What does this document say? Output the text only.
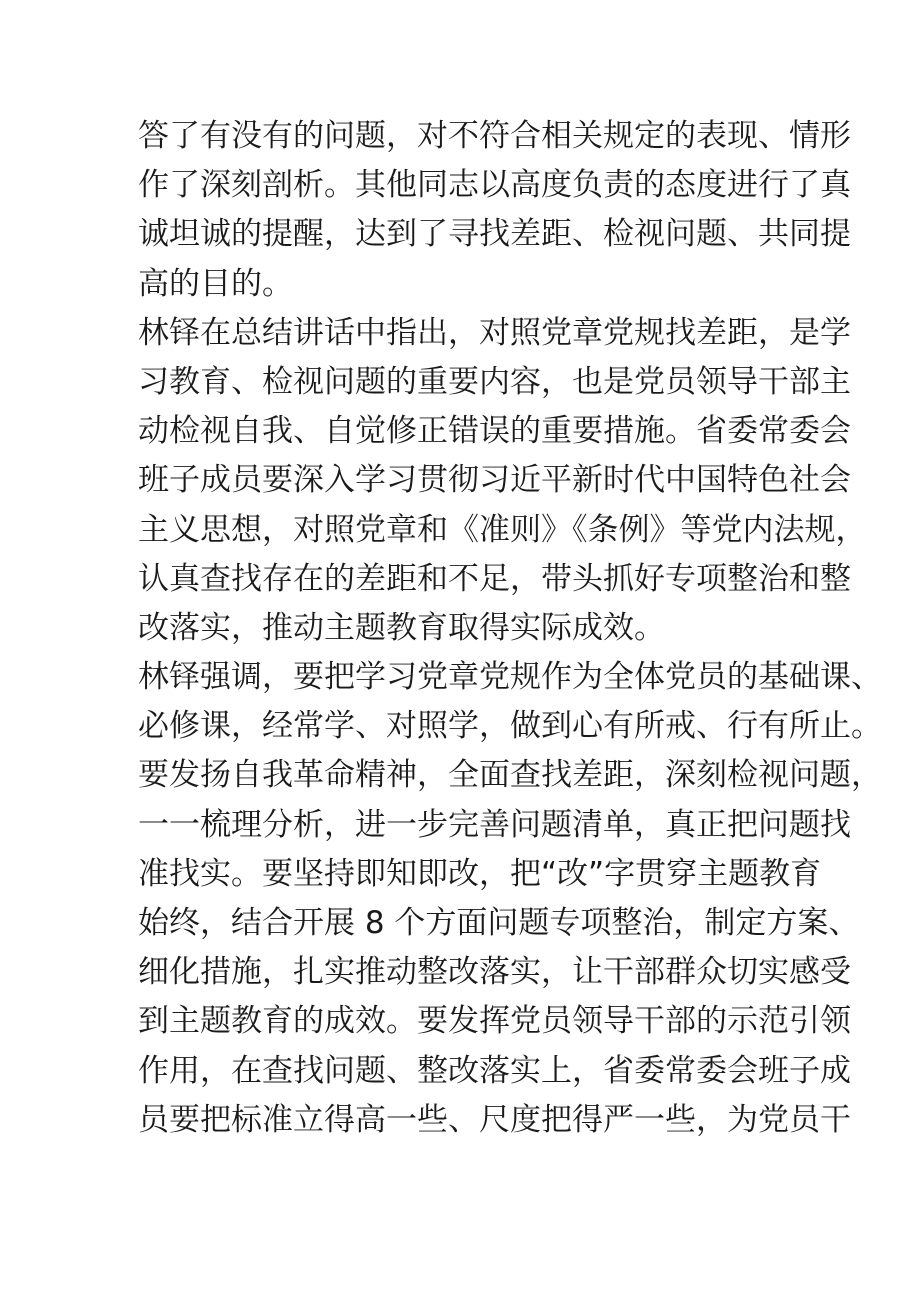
答了有没有的问题，对不符合相关规定的表现、情形
作了深刻剖析。其他同志以高度负责的态度进行了真
诚坦诚的提醒，达到了寻找差距、检视问题、共同提
高的目的。
林铎在总结讲话中指出，对照党章党规找差距，是学
习教育、检视问题的重要内容，也是党员领导干部主
动检视自我、自觉修正错误的重要措施。省委常委会
班子成员要深入学习贯彻习近平新时代中国特色社会
主义思想，对照党章和《准则》《条例》等党内法规，
认真查找存在的差距和不足，带头抓好专项整治和整
改落实，推动主题教育取得实际成效。
林铎强调，要把学习党章党规作为全体党员的基础课、
必修课，经常学、对照学，做到心有所戒、行有所止。
要发扬自我革命精神，全面查找差距，深刻检视问题，
一一梳理分析，进一步完善问题清单，真正把问题找
准找实。要坚持即知即改，把“改”字贯穿主题教育
始终，结合开展 8 个方面问题专项整治，制定方案、
细化措施，扎实推动整改落实，让干部群众切实感受
到主题教育的成效。要发挥党员领导干部的示范引领
作用，在查找问题、整改落实上，省委常委会班子成
员要把标准立得高一些、尺度把得严一些，为党员干
